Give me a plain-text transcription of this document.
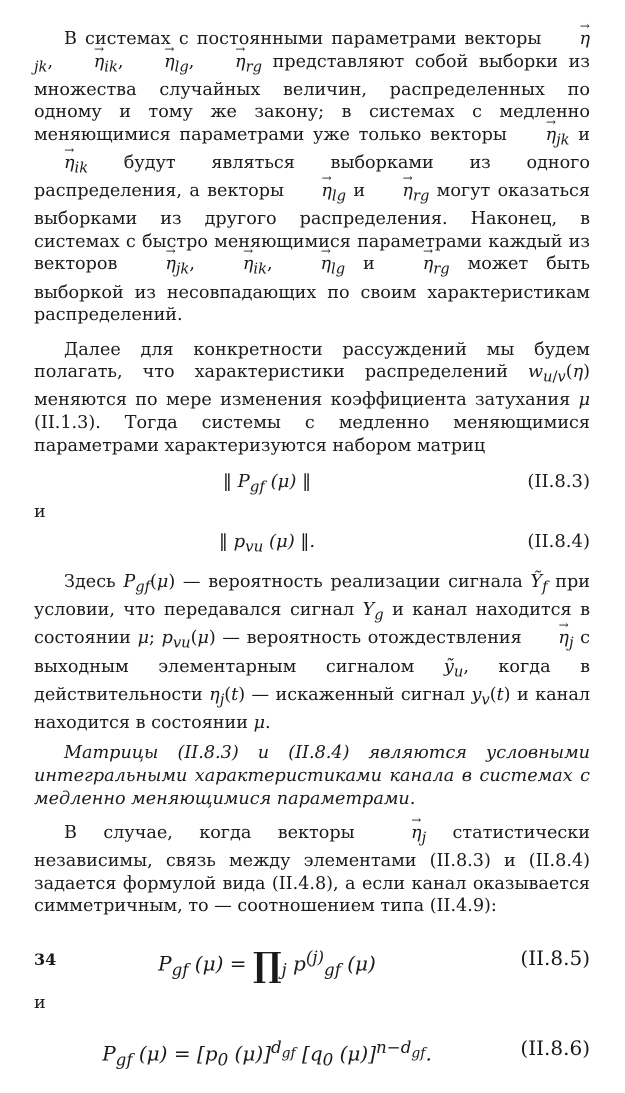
В системах с постоянными параметрами векторы → $\eta_{jk}$, → $\eta_{ik}$, → $\eta_{lg}$, → $\eta_{rg}$ представляют собой выборки из множества случайных величин, распределенных по одному и тому же закону; в системах с медленно меняющимися параметрами уже только векторы → $\eta_{jk}$ $и \to \eta_{ik}$ будут являться выборками из одного распределения, а векторы → $\eta_{lg}$ $и \to \eta_{rg}$ могут оказаться выборками из другого распределения. Наконец, в системах с быстро меняющимися параметрами каждый из векторов → $\eta_{jk}$, → $\eta_{ik}$, → $\eta_{lg}$ $и \to \eta_{rg}$ может быть выборкой из несовпадающих по своим характеристикам распределений.

Далее для конкретности рассуждений мы будем полагать, что характеристики распределений $w_{u/v}(\eta)$ меняются по мере изменения коэффициента затухания μ (II.1.3). Тогда системы с медленно меняющимися параметрами характеризуются набором матриц

‖ $P_{gf}$ (μ) ‖	(II.8.3)
и
‖ $p_{vu}$ (μ) ‖.	(II.8.4)

Здесь $P_{gf}(\mu)$ — вероятность реализации сигнала Ỹ$_f$ при условии, что передавался сигнал $Y_g$ и канал находится в состоянии μ; $p_{vu}(\mu)$ — вероятность отождествления → $\eta_j$ с выходным элементарным сигналом ỹ$_u$, когда в действительности $\eta_j(t)$ — искаженный сигнал $y_v(t)$ и канал находится в состоянии μ.

Матрицы (II.8.3) и (II.8.4) являются условными интегральными характеристиками канала в системах с медленно меняющимися параметрами.

В случае, когда векторы → $\eta_j$ статистически независимы, связь между элементами (II.8.3) и (II.8.4) задается формулой вида (II.4.8), а если канал оказывается симметричным, то — соотношением типа (II.4.9):

$P_{gf}$ $(\mu) = \prod_j$ $p^{(j)}_{gf}$ (μ)	(II.8.5)
и
$P_{gf}$ $(\mu) = [p_0$ (μ)]$^{d_{gf}}$ [$q_0$ (μ)]$^{n-d_{gf}}$.	(II.8.6)
34
